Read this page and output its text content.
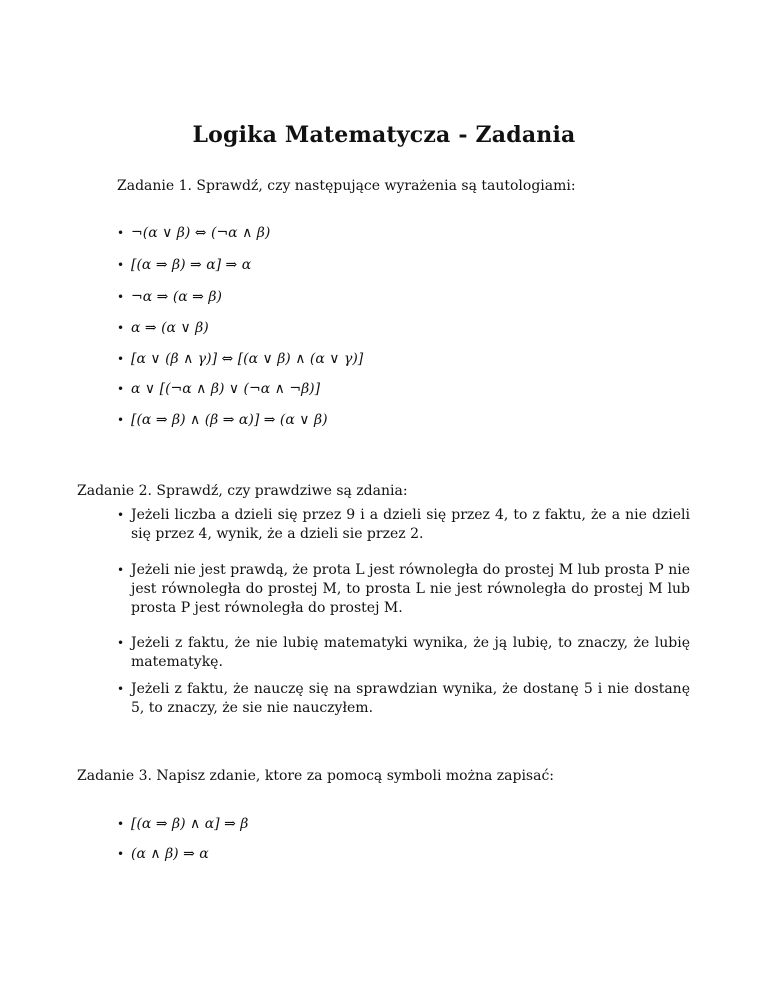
Logika Matematycza - Zadania
Zadanie 1. Sprawdź, czy następujące wyrażenia są tautologiami:
• ¬(α ∨ β) ⇔ (¬α ∧ β)
• [(α ⇒ β) ⇒ α] ⇒ α
• ¬α ⇒ (α ⇒ β)
• α ⇒ (α ∨ β)
• [α ∨ (β ∧ γ)] ⇔ [(α ∨ β) ∧ (α ∨ γ)]
• α ∨ [(¬α ∧ β) ∨ (¬α ∧ ¬β)]
• [(α ⇒ β) ∧ (β ⇒ α)] ⇒ (α ∨ β)
Zadanie 2. Sprawdź, czy prawdziwe są zdania:
• Jeżeli liczba a dzieli się przez 9 i a dzieli się przez 4, to z faktu, że a nie dzieli się przez 4, wynik, że a dzieli sie przez 2.
• Jeżeli nie jest prawdą, że prota L jest równoległa do prostej M lub prosta P nie jest równoległa do prostej M, to prosta L nie jest równoległa do prostej M lub prosta P jest równoległa do prostej M.
• Jeżeli z faktu, że nie lubię matematyki wynika, że ją lubię, to znaczy, że lubię matematykę.
• Jeżeli z faktu, że nauczę się na sprawdzian wynika, że dostanę 5 i nie dostanę 5, to znaczy, że sie nie nauczyłem.
Zadanie 3. Napisz zdanie, ktore za pomocą symboli można zapisać:
• [(α ⇒ β) ∧ α] ⇒ β
• (α ∧ β) ⇒ α
